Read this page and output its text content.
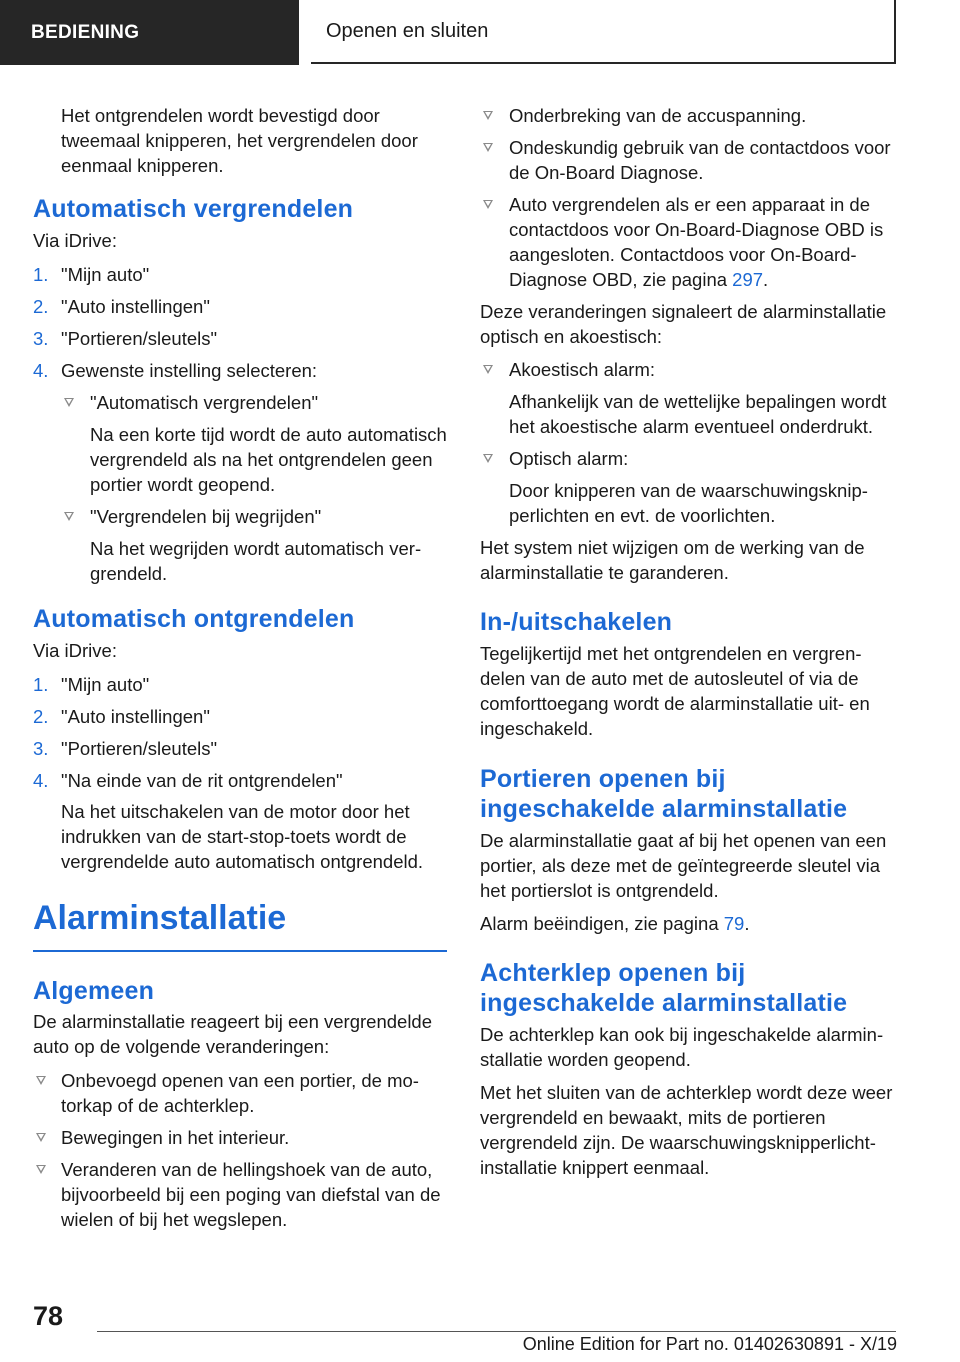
BEDIENING	Openen en sluiten

Het ontgrendelen wordt bevestigd door tweemaal knipperen, het vergrendelen door eenmaal knipperen.

Automatisch vergrendelen

Via iDrive:

1. "Mijn auto"
2. "Auto instellingen"
3. "Portieren/sleutels"
4. Gewenste instelling selecteren:
"Automatisch vergrendelen"

Na een korte tijd wordt de auto automatisch vergrendeld als na het ontgrendelen geen portier wordt geopend.

"Vergrendelen bij wegrijden"

Na het wegrijden wordt automatisch vergrendeld.

Automatisch ontgrendelen

Via iDrive:

1. "Mijn auto"
2. "Auto instellingen"
3. "Portieren/sleutels"
4. "Na einde van de rit ontgrendelen"

Na het uitschakelen van de motor door het indrukken van de start-stop-toets wordt de vergrendelde auto automatisch ontgrendeld.

Alarminstallatie
Algemeen

De alarminstallatie reageert bij een vergrendelde auto op de volgende veranderingen:

Onbevoegd openen van een portier, de motorkap of de achterklep.
Bewegingen in het interieur.
Veranderen van de hellingshoek van de auto, bijvoorbeeld bij een poging van diefstal van de wielen of bij het wegslepen.
Onderbreking van de accuspanning.
Ondeskundig gebruik van de contactdoos voor de On-Board Diagnose.
Auto vergrendelen als er een apparaat in de contactdoos voor On-Board-Diagnose OBD is aangesloten. Contactdoos voor On-Board-Diagnose OBD, zie pagina 297.

Deze veranderingen signaleert de alarminstallatie optisch en akoestisch:

Akoestisch alarm:

Afhankelijk van de wettelijke bepalingen wordt het akoestische alarm eventueel onderdrukt.

Optisch alarm:

Door knipperen van de waarschuwingsknipperlichten en evt. de voorlichten.

Het system niet wijzigen om de werking van de alarminstallatie te garanderen.

In-/uitschakelen

Tegelijkertijd met het ontgrendelen en vergrendelen van de auto met de autosleutel of via de comforttoegang wordt de alarminstallatie uit- en ingeschakeld.

Portieren openen bij ingeschakelde alarminstallatie

De alarminstallatie gaat af bij het openen van een portier, als deze met de geïntegreerde sleutel via het portierslot is ontgrendeld.

Alarm beëindigen, zie pagina 79.

Achterklep openen bij ingeschakelde alarminstallatie

De achterklep kan ook bij ingeschakelde alarminstallatie worden geopend.

Met het sluiten van de achterklep wordt deze weer vergrendeld en bewaakt, mits de portieren vergrendeld zijn. De waarschuwingsknipperlichtinstallatie knippert eenmaal.

78
Online Edition for Part no. 01402630891 - X/19
